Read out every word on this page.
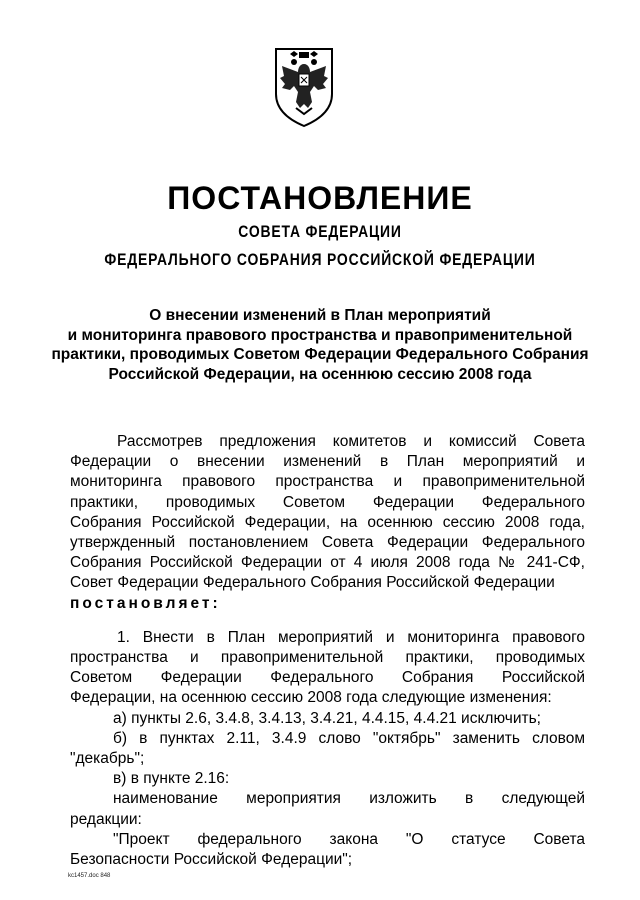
ПОСТАНОВЛЕНИЕ
СОВЕТА ФЕДЕРАЦИИ
ФЕДЕРАЛЬНОГО СОБРАНИЯ РОССИЙСКОЙ ФЕДЕРАЦИИ
О внесении изменений в План мероприятий
и мониторинга правового пространства и правоприменительной
практики, проводимых Советом Федерации Федерального Собрания
Российской Федерации, на осеннюю сессию 2008 года
Рассмотрев предложения комитетов и комиссий Совета
Федерации о внесении изменений в План мероприятий и
мониторинга правового пространства и правоприменительной
практики, проводимых Советом Федерации Федерального
Собрания Российской Федерации, на осеннюю сессию 2008 года,
утвержденный постановлением Совета Федерации Федерального
Собрания Российской Федерации от 4 июля 2008 года № 241-СФ,
Совет Федерации Федерального Собрания Российской Федерации
постановляет:
1. Внести в План мероприятий и мониторинга правового
пространства и правоприменительной практики, проводимых
Советом Федерации Федерального Собрания Российской
Федерации, на осеннюю сессию 2008 года следующие изменения:
а) пункты 2.6, 3.4.8, 3.4.13, 3.4.21, 4.4.15, 4.4.21 исключить;
б) в пунктах 2.11, 3.4.9 слово "октябрь" заменить словом
"декабрь";
в) в пункте 2.16:
наименование мероприятия изложить в следующей
редакции:
"Проект федерального закона "О статусе Совета
Безопасности Российской Федерации";
kc1457.doc 848
